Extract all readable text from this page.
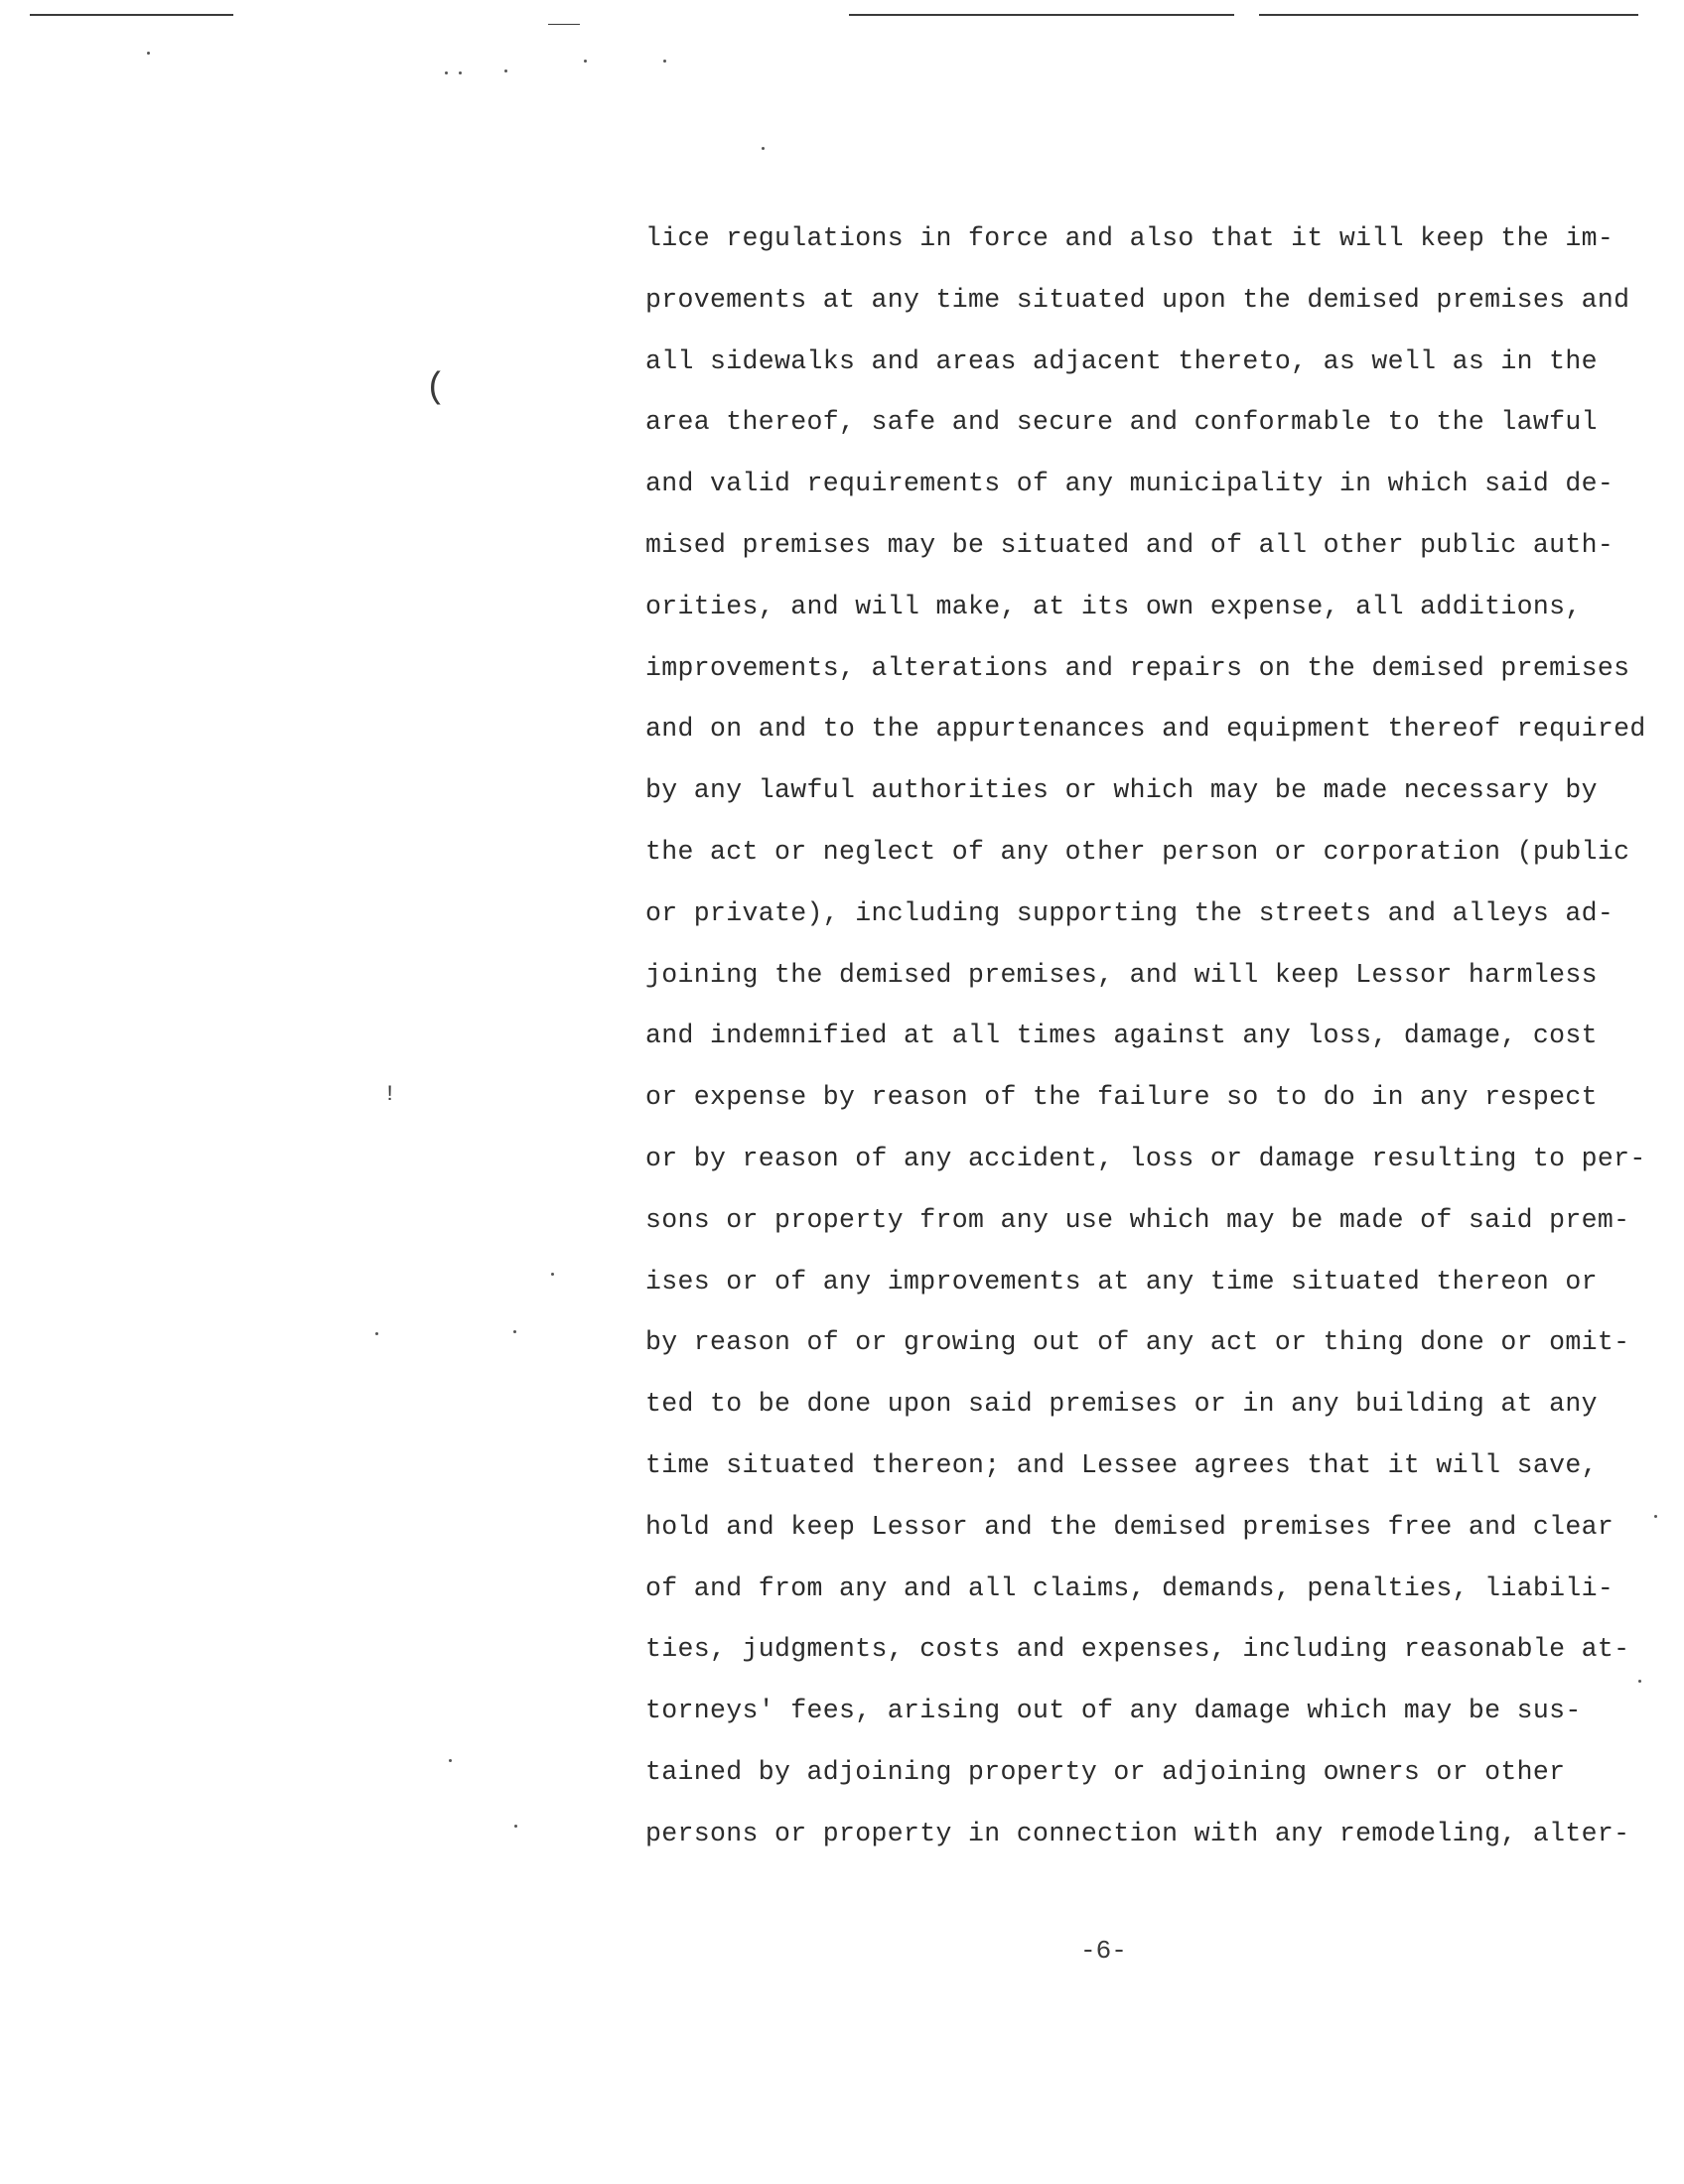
(
!
lice regulations in force and also that it will keep the im-
provements at any time situated upon the demised premises and
all sidewalks and areas adjacent thereto, as well as in the
area thereof, safe and secure and conformable to the lawful
and valid requirements of any municipality in which said de-
mised premises may be situated and of all other public auth-
orities, and will make, at its own expense, all additions,
improvements, alterations and repairs on the demised premises
and on and to the appurtenances and equipment thereof required
by any lawful authorities or which may be made necessary by
the act or neglect of any other person or corporation (public
or private), including supporting the streets and alleys ad-
joining the demised premises, and will keep Lessor harmless
and indemnified at all times against any loss, damage, cost
or expense by reason of the failure so to do in any respect
or by reason of any accident, loss or damage resulting to per-
sons or property from any use which may be made of said prem-
ises or of any improvements at any time situated thereon or
by reason of or growing out of any act or thing done or omit-
ted to be done upon said premises or in any building at any
time situated thereon; and Lessee agrees that it will save,
hold and keep Lessor and the demised premises free and clear
of and from any and all claims, demands, penalties, liabili-
ties, judgments, costs and expenses, including reasonable at-
torneys' fees, arising out of any damage which may be sus-
tained by adjoining property or adjoining owners or other
persons or property in connection with any remodeling, alter-
-6-
